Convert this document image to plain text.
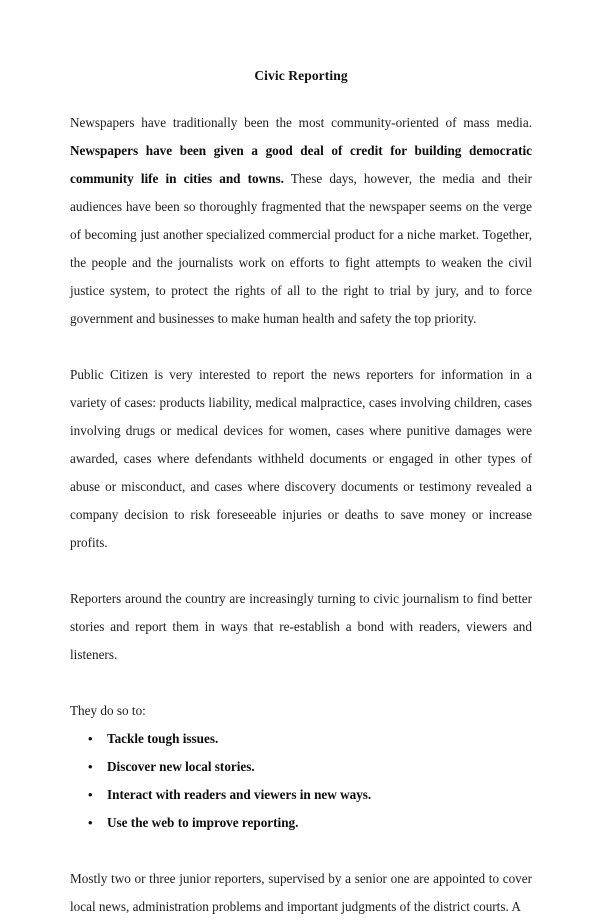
Civic Reporting

Newspapers have traditionally been the most community-oriented of mass media. Newspapers have been given a good deal of credit for building democratic community life in cities and towns. These days, however, the media and their audiences have been so thoroughly fragmented that the newspaper seems on the verge of becoming just another specialized commercial product for a niche market. Together, the people and the journalists work on efforts to fight attempts to weaken the civil justice system, to protect the rights of all to the right to trial by jury, and to force government and businesses to make human health and safety the top priority.

Public Citizen is very interested to report the news reporters for information in a variety of cases: products liability, medical malpractice, cases involving children, cases involving drugs or medical devices for women, cases where punitive damages were awarded, cases where defendants withheld documents or engaged in other types of abuse or misconduct, and cases where discovery documents or testimony revealed a company decision to risk foreseeable injuries or deaths to save money or increase profits.

Reporters around the country are increasingly turning to civic journalism to find better stories and report them in ways that re-establish a bond with readers, viewers and listeners.

They do so to:

• Tackle tough issues.
• Discover new local stories.
• Interact with readers and viewers in new ways.
• Use the web to improve reporting.

Mostly two or three junior reporters, supervised by a senior one are appointed to cover local news, administration problems and important judgments of the district courts. A
